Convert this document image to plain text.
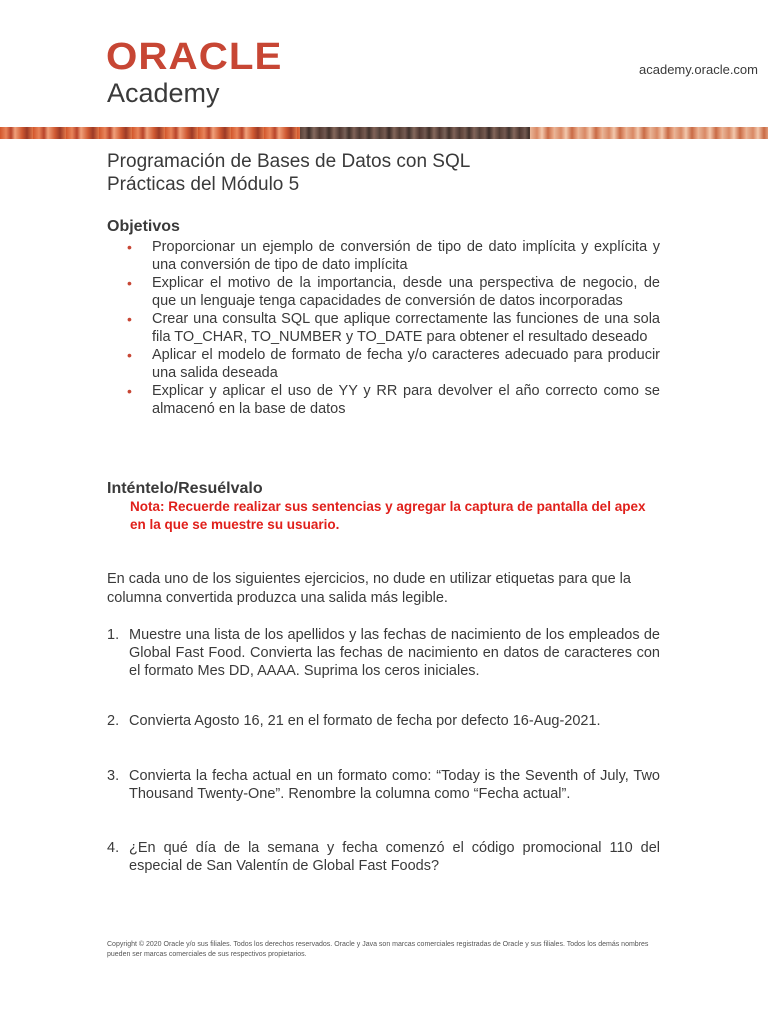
ORACLE
Academy
academy.oracle.com
Programación de Bases de Datos con SQL
Prácticas del Módulo 5
Objetivos
• Proporcionar un ejemplo de conversión de tipo de dato implícita y explícita y una conversión de tipo de dato implícita
• Explicar el motivo de la importancia, desde una perspectiva de negocio, de que un lenguaje tenga capacidades de conversión de datos incorporadas
• Crear una consulta SQL que aplique correctamente las funciones de una sola fila TO_CHAR, TO_NUMBER y TO_DATE para obtener el resultado deseado
• Aplicar el modelo de formato de fecha y/o caracteres adecuado para producir una salida deseada
• Explicar y aplicar el uso de YY y RR para devolver el año correcto como se almacenó en la base de datos
Inténtelo/Resuélvalo
Nota: Recuerde realizar sus sentencias y agregar la captura de pantalla del apex en la que se muestre su usuario.
En cada uno de los siguientes ejercicios, no dude en utilizar etiquetas para que la columna convertida produzca una salida más legible.
1. Muestre una lista de los apellidos y las fechas de nacimiento de los empleados de Global Fast Food. Convierta las fechas de nacimiento en datos de caracteres con el formato Mes DD, AAAA. Suprima los ceros iniciales.
2. Convierta Agosto 16, 21 en el formato de fecha por defecto 16-Aug-2021.
3. Convierta la fecha actual en un formato como: “Today is the Seventh of July, Two Thousand Twenty-One”. Renombre la columna como “Fecha actual”.
4. ¿En qué día de la semana y fecha comenzó el código promocional 110 del especial de San Valentín de Global Fast Foods?
Copyright © 2020 Oracle y/o sus filiales. Todos los derechos reservados. Oracle y Java son marcas comerciales registradas de Oracle y sus filiales. Todos los demás nombres pueden ser marcas comerciales de sus respectivos propietarios.
